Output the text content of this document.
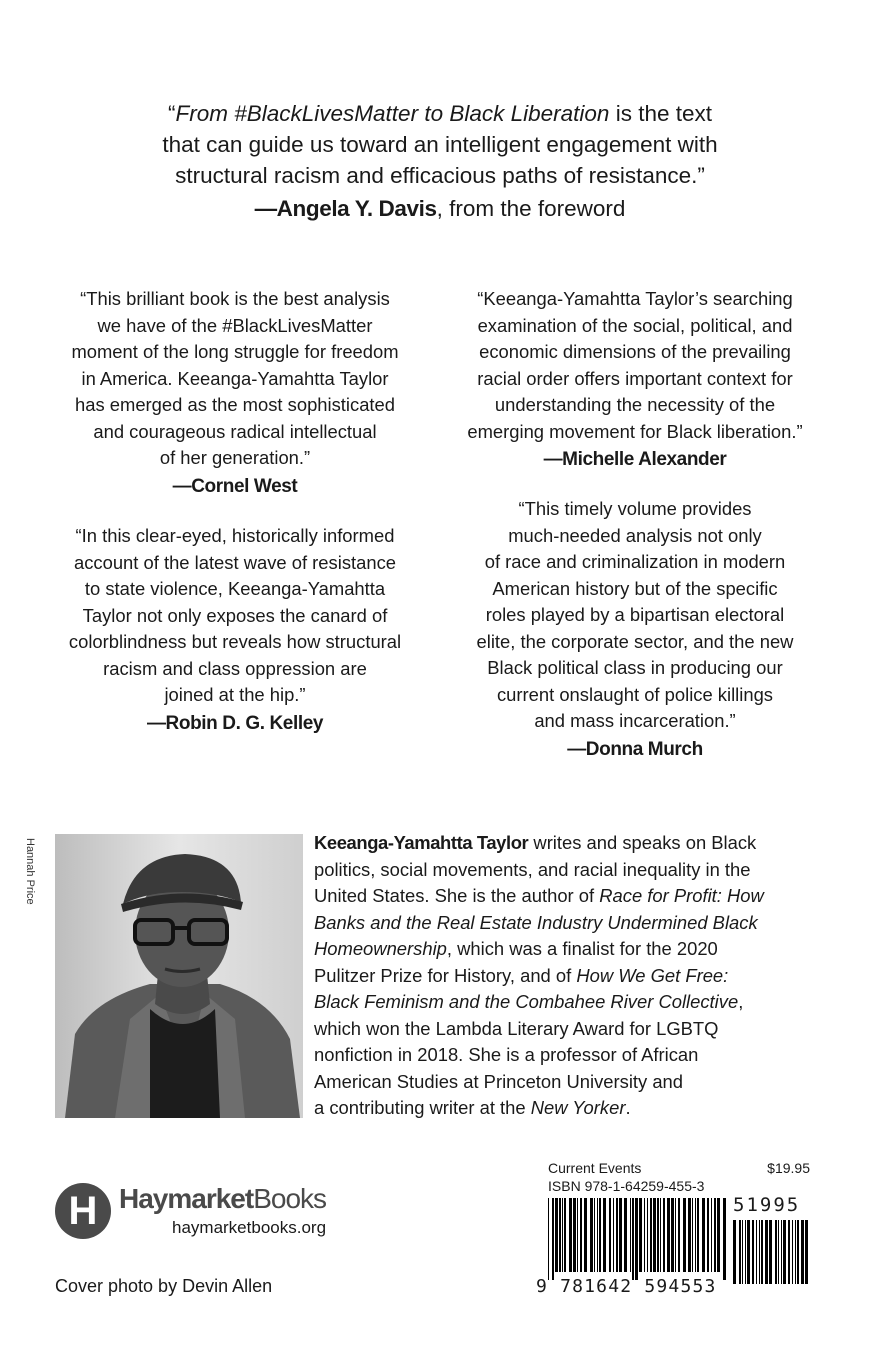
“From #BlackLivesMatter to Black Liberation is the text
that can guide us toward an intelligent engagement with
structural racism and efficacious paths of resistance.”
—Angela Y. Davis, from the foreword
“This brilliant book is the best analysis
we have of the #BlackLivesMatter
moment of the long struggle for freedom
in America. Keeanga-Yamahtta Taylor
has emerged as the most sophisticated
and courageous radical intellectual
of her generation.”
—Cornel West
“In this clear-eyed, historically informed
account of the latest wave of resistance
to state violence, Keeanga-Yamahtta
Taylor not only exposes the canard of
colorblindness but reveals how structural
racism and class oppression are
joined at the hip.”
—Robin D. G. Kelley
“Keeanga-Yamahtta Taylor’s searching
examination of the social, political, and
economic dimensions of the prevailing
racial order offers important context for
understanding the necessity of the
emerging movement for Black liberation.”
—Michelle Alexander
“This timely volume provides
much-needed analysis not only
of race and criminalization in modern
American history but of the specific
roles played by a bipartisan electoral
elite, the corporate sector, and the new
Black political class in producing our
current onslaught of police killings
and mass incarceration.”
—Donna Murch
Hannah Price	Keeanga-Yamahtta Taylor writes and speaks on Black
politics, social movements, and racial inequality in the
United States. She is the author of Race for Profit: How
Banks and the Real Estate Industry Undermined Black
Homeownership, which was a finalist for the 2020
Pulitzer Prize for History, and of How We Get Free:
Black Feminism and the Combahee River Collective,
which won the Lambda Literary Award for LGBTQ
nonfiction in 2018. She is a professor of African
American Studies at Princeton University and
a contributing writer at the New Yorker.
H HaymarketBooks
haymarketbooks.org
Cover photo by Devin Allen
Current Events	$19.95
ISBN 978-1-64259-455-3
51995
9 781642 594553
